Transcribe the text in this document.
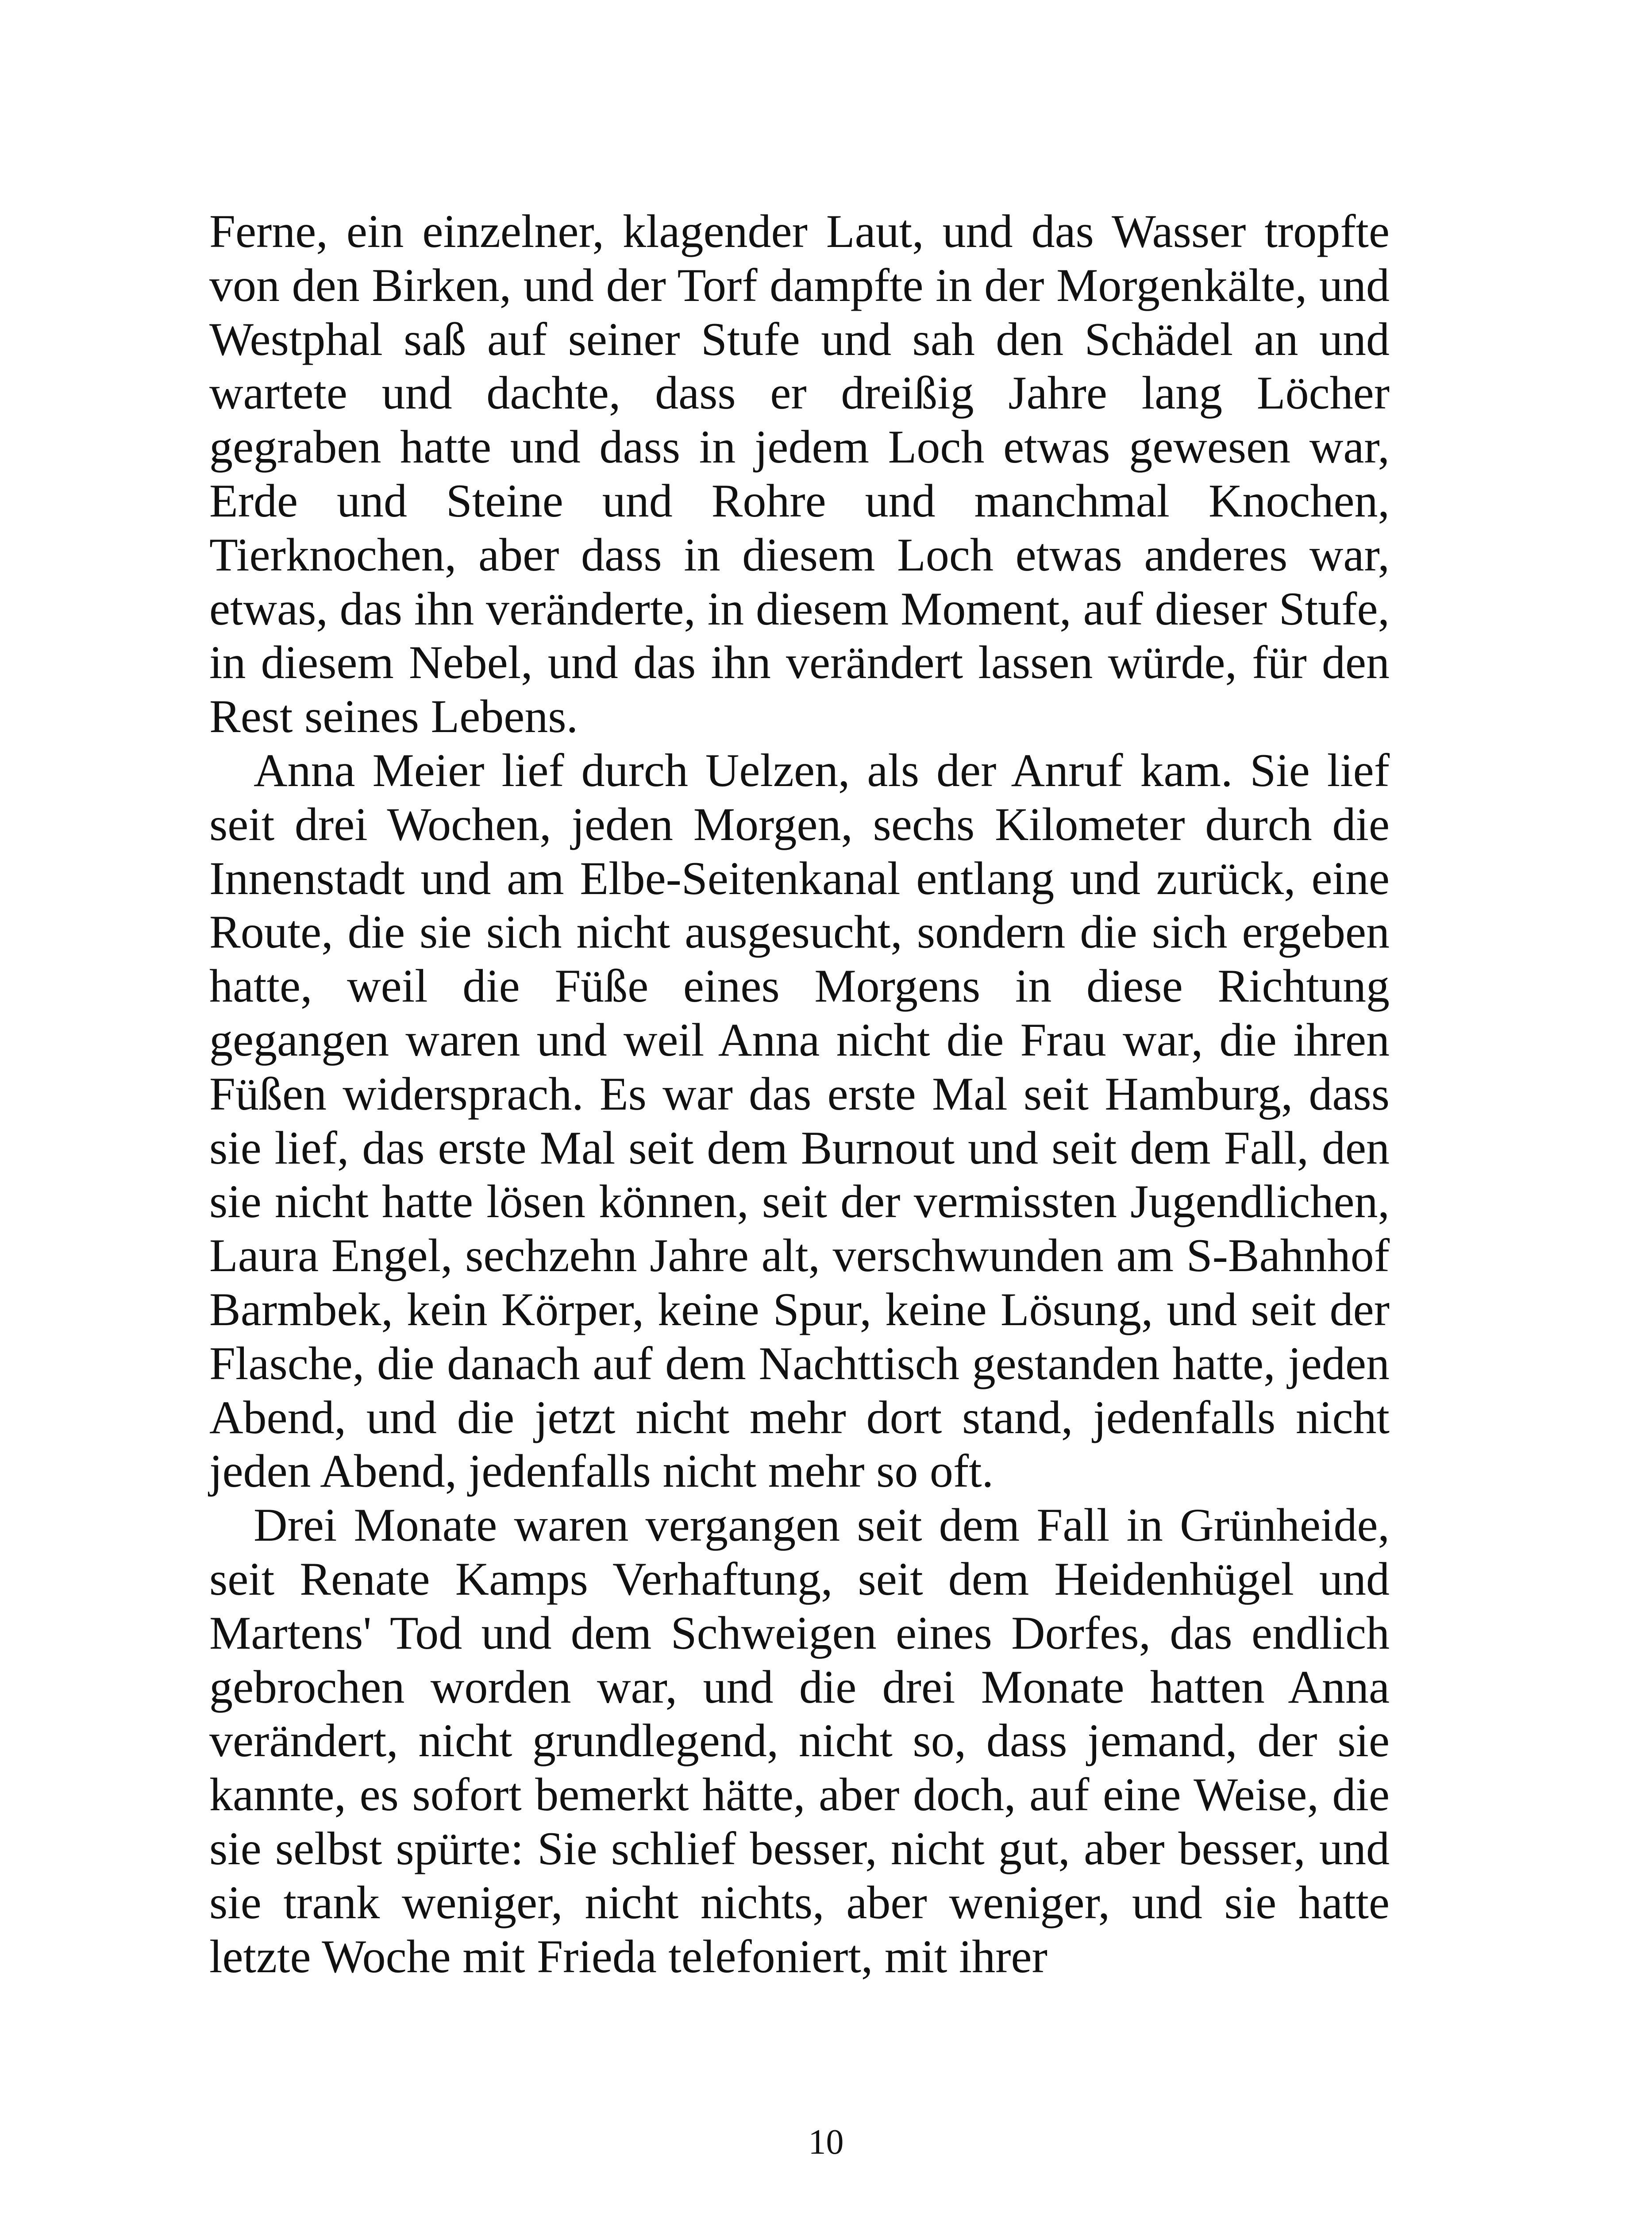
Ferne, ein einzelner, klagender Laut, und das Wasser tropfte von den Birken, und der Torf dampfte in der Morgenkälte, und Westphal saß auf seiner Stufe und sah den Schädel an und wartete und dachte, dass er dreißig Jahre lang Löcher gegraben hatte und dass in jedem Loch etwas gewesen war, Erde und Steine und Rohre und manchmal Knochen, Tierknochen, aber dass in diesem Loch etwas anderes war, etwas, das ihn veränderte, in diesem Moment, auf dieser Stufe, in diesem Nebel, und das ihn verändert lassen würde, für den Rest seines Lebens.

Anna Meier lief durch Uelzen, als der Anruf kam. Sie lief seit drei Wochen, jeden Morgen, sechs Kilometer durch die Innenstadt und am Elbe-Seitenkanal entlang und zurück, eine Route, die sie sich nicht ausgesucht, sondern die sich ergeben hatte, weil die Füße eines Morgens in diese Richtung gegangen waren und weil Anna nicht die Frau war, die ihren Füßen widersprach. Es war das erste Mal seit Hamburg, dass sie lief, das erste Mal seit dem Burnout und seit dem Fall, den sie nicht hatte lösen können, seit der vermissten Jugendlichen, Laura Engel, sechzehn Jahre alt, verschwunden am S-Bahnhof Barmbek, kein Körper, keine Spur, keine Lösung, und seit der Flasche, die danach auf dem Nachttisch gestanden hatte, jeden Abend, und die jetzt nicht mehr dort stand, jedenfalls nicht jeden Abend, jedenfalls nicht mehr so oft.

Drei Monate waren vergangen seit dem Fall in Grünheide, seit Renate Kamps Verhaftung, seit dem Heidenhügel und Martens' Tod und dem Schweigen eines Dorfes, das endlich gebrochen worden war, und die drei Monate hatten Anna verändert, nicht grundlegend, nicht so, dass jemand, der sie kannte, es sofort bemerkt hätte, aber doch, auf eine Weise, die sie selbst spürte: Sie schlief besser, nicht gut, aber besser, und sie trank weniger, nicht nichts, aber weniger, und sie hatte letzte Woche mit Frieda telefoniert, mit ihrer

10
